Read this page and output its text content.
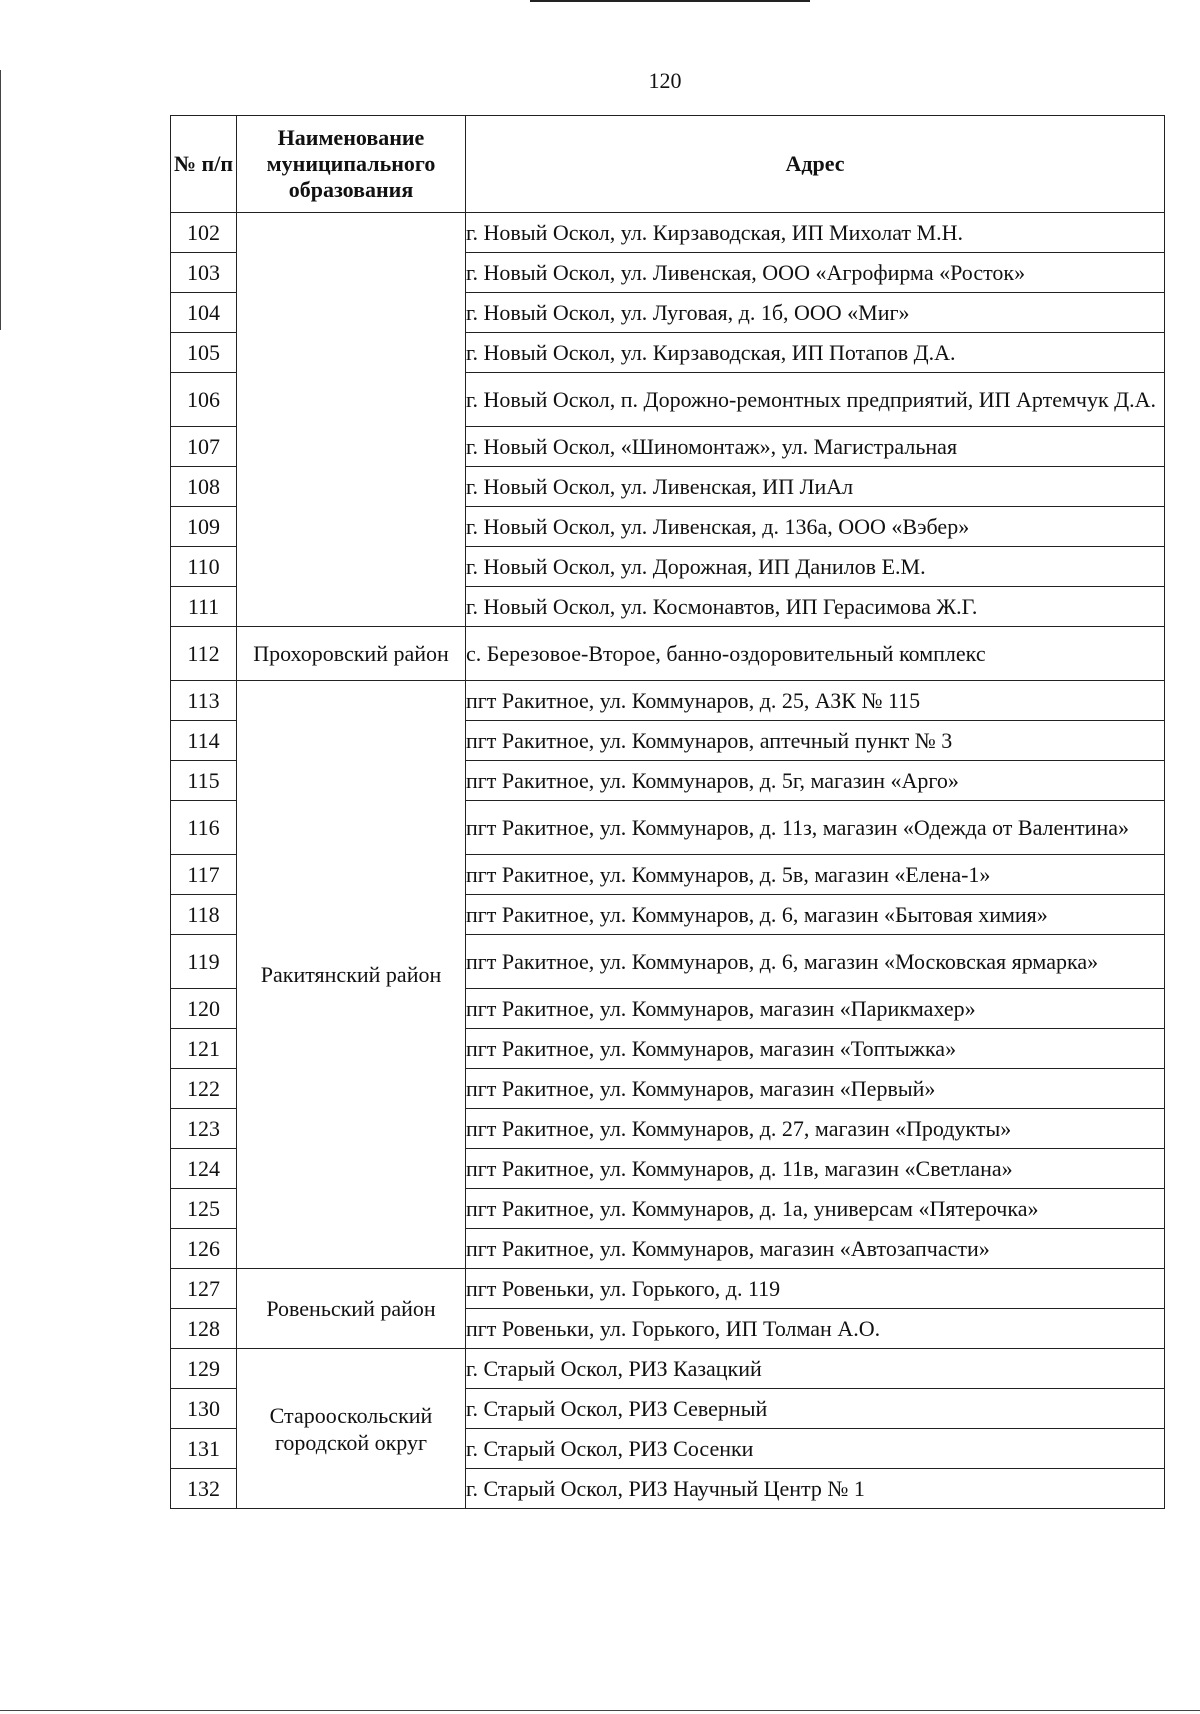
120
№ п/п	Наименование муниципального образования	Адрес
102		г. Новый Оскол, ул. Кирзаводская, ИП Михолат М.Н.
103		г. Новый Оскол, ул. Ливенская, ООО «Агрофирма «Росток»
104		г. Новый Оскол, ул. Луговая, д. 1б, ООО «Миг»
105		г. Новый Оскол, ул. Кирзаводская, ИП Потапов Д.А.
106		г. Новый Оскол, п. Дорожно-ремонтных предприятий, ИП Артемчук Д.А.
107		г. Новый Оскол, «Шиномонтаж», ул. Магистральная
108		г. Новый Оскол, ул. Ливенская, ИП ЛиАл
109		г. Новый Оскол, ул. Ливенская, д. 136а, ООО «Вэбер»
110		г. Новый Оскол, ул. Дорожная, ИП Данилов Е.М.
111		г. Новый Оскол, ул. Космонавтов, ИП Герасимова Ж.Г.
112	Прохоровский район	с. Березовое-Второе, банно-оздоровительный комплекс
113	Ракитянский район	пгт Ракитное, ул. Коммунаров, д. 25, АЗК № 115
114		пгт Ракитное, ул. Коммунаров, аптечный пункт № 3
115		пгт Ракитное, ул. Коммунаров, д. 5г, магазин «Арго»
116		пгт Ракитное, ул. Коммунаров, д. 11з, магазин «Одежда от Валентина»
117		пгт Ракитное, ул. Коммунаров, д. 5в, магазин «Елена-1»
118		пгт Ракитное, ул. Коммунаров, д. 6, магазин «Бытовая химия»
119		пгт Ракитное, ул. Коммунаров, д. 6, магазин «Московская ярмарка»
120		пгт Ракитное, ул. Коммунаров, магазин «Парикмахер»
121		пгт Ракитное, ул. Коммунаров, магазин «Топтыжка»
122		пгт Ракитное, ул. Коммунаров, магазин «Первый»
123		пгт Ракитное, ул. Коммунаров, д. 27, магазин «Продукты»
124		пгт Ракитное, ул. Коммунаров, д. 11в, магазин «Светлана»
125		пгт Ракитное, ул. Коммунаров, д. 1а, универсам «Пятерочка»
126		пгт Ракитное, ул. Коммунаров, магазин «Автозапчасти»
127	Ровеньский район	пгт Ровеньки, ул. Горького, д. 119
128		пгт Ровеньки, ул. Горького, ИП Толман А.О.
129	Старооскольский городской округ	г. Старый Оскол, РИЗ Казацкий
130		г. Старый Оскол, РИЗ Северный
131		г. Старый Оскол, РИЗ Сосенки
132		г. Старый Оскол, РИЗ Научный Центр № 1
